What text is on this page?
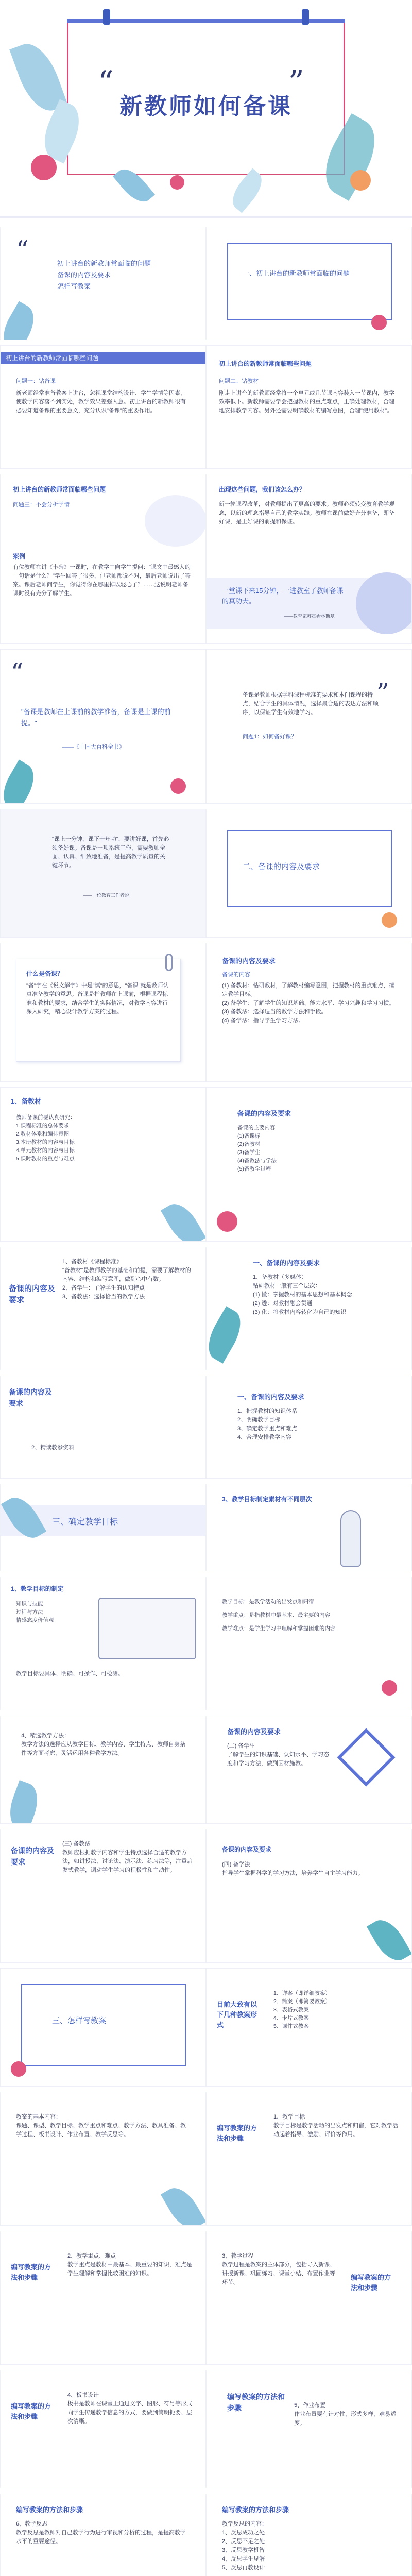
“	”
新教师如何备课
“	初上讲台的新教师常面临的问题
备课的内容及要求
怎样写教案
一、初上讲台的新教师常面临的问题
初上讲台的新教师常面临哪些问题
问题一：钻备课
新老师经常准备教案上讲台，忽视课堂结构设计、学生学情等因素，使教学内容落不到实处，教学效果差强人意。初上讲台的新教师很有必要知道备课的重要意义，充分认识"备课"的重要作用。
初上讲台的新教师常面临哪些问题
问题二：钻教材
刚走上讲台的新教师经常将一个单元或几节课内容装入一节课内，教学效率低下。新教师需要学会把握教材的重点难点，正确处理教材，合理地安排教学内容。另外还需要明确教材的编写意图，合理"使用教材"。
初上讲台的新教师常面临哪些问题
问题三：不会分析学情
案例
有位教师在讲《丰碑》一课时，在教学中向学生提问："课文中最感人的一句话是什么？"学生回答了很多，但老师都说不对，最后老师说出了答案。课后老师问学生，你觉得你在哪里掉以轻心了？……这说明老师备课时没有充分了解学生。
出现这些问题，我们该怎么办？
新一轮课程改革，对教师提出了更高的要求。教师必须转变教育教学观念，以新的理念指导自己的教学实践。教师在课前做好充分准备，即备好课，是上好课的前提和保证。
一堂课下来15分钟，一进教室了教师备课的真功夫。
——教育家苏霍姆林斯基
“
"备课是教师在上课前的教学准备，备课是上课的前提。"
——《中国大百科全书》
备课是教师根据学科课程标准的要求和本门课程的特点，结合学生的具体情况，选择最合适的表达方法和顺序，以保证学生有效地学习。
问题1：如何备好课？
”
"课上一分钟，课下十年功"，要讲好课，首先必须备好课。备课是一项系统工作，需要教师全面、认真、细致地准备，是提高教学质量的关键环节。
——一位教育工作者说
二、备课的内容及要求
什么是备课？
"备"字在《说文解字》中是"慎"的意思，"备课"就是教师认真准备教学的意思。备课是指教师在上课前，根据课程标准和教材的要求，结合学生的实际情况，对教学内容进行深入研究，精心设计教学方案的过程。
备课的内容及要求
备课的内容
(1) 备教材：钻研教材，了解教材编写意图，把握教材的重点难点，确定教学目标。
(2) 备学生：了解学生的知识基础、能力水平、学习兴趣和学习习惯。
(3) 备教法：选择适当的教学方法和手段。
(4) 备学法：指导学生学习方法。
1、备教材
教师备课前要认真研究：
1.课程标准的总体要求
2.教材体系和编排意图
3.本册教材的内容与目标
4.单元教材的内容与目标
5.课时教材的重点与难点
备课的内容及要求
备课的主要内容
(1)备课标
(2)备教材
(3)备学生
(4)备教法与学法
(5)备教学过程
备课的内容及要求
1、备教材《课程标准》
"备教材"是教师教学的基础和前提，需要了解教材的内容、结构和编写意图，做到心中有数。
2、备学生：了解学生的认知特点
3、备教法：选择恰当的教学方法
一、备课的内容及要求
1、备教材（多媒体）
钻研教材一般有三个层次：
(1) 懂：掌握教材的基本思想和基本概念
(2) 透：对教材融会贯通
(3) 化：将教材内容转化为自己的知识
备课的内容及要求
2、精读教参资料
一、备课的内容及要求
1、把握教材的知识体系
2、明确教学目标
3、确定教学重点和难点
4、合理安排教学内容
三、确定教学目标
3、教学目标制定素材有不同层次
1、教学目标的制定
知识与技能
过程与方法
情感态度价值观
教学目标要具体、明确、可操作、可检测。
教学目标：是教学活动的出发点和归宿
教学重点：是指教材中最基本、最主要的内容
教学难点：是学生学习中理解和掌握困难的内容
4、精选教学方法：
教学方法的选择应从教学目标、教学内容、学生特点、教师自身条件等方面考虑，灵活运用各种教学方法。
备课的内容及要求
(二) 备学生
了解学生的知识基础、认知水平、学习态度和学习方法，做到因材施教。
备课的内容及要求
(三) 备教法
教师应根据教学内容和学生特点选择合适的教学方法，如讲授法、讨论法、演示法、练习法等，注重启发式教学，调动学生学习的积极性和主动性。
备课的内容及要求
(四) 备学法
指导学生掌握科学的学习方法，培养学生自主学习能力。
三、怎样写教案
目前大致有以下几种教案形式
1、详案（即详细教案）
2、简案（即简要教案）
3、表格式教案
4、卡片式教案
5、课件式教案
教案的基本内容：
课题、课型、教学目标、教学重点和难点、教学方法、教具准备、教学过程、板书设计、作业布置、教学反思等。
编写教案的方法和步骤
1、教学目标
教学目标是教学活动的出发点和归宿，它对教学活动起着指导、激励、评价等作用。
编写教案的方法和步骤
2、教学重点、难点
教学重点是教材中最基本、最重要的知识，难点是学生理解和掌握比较困难的知识。
3、教学过程
教学过程是教案的主体部分，包括导入新课、讲授新课、巩固练习、课堂小结、布置作业等环节。
编写教案的方法和步骤
编写教案的方法和步骤
4、板书设计
板书是教师在课堂上通过文字、图形、符号等形式向学生传递教学信息的方式，要做到简明扼要、层次清晰。
编写教案的方法和步骤	5、作业布置
作业布置要有针对性，形式多样，难易适度。
编写教案的方法和步骤
6、教学反思
教学反思是教师对自己教学行为进行审视和分析的过程，是提高教学水平的重要途径。
编写教案的方法和步骤
教学反思的内容：
1、反思成功之处
2、反思不足之处
3、反思教学机智
4、反思学生见解
5、反思再教设计
